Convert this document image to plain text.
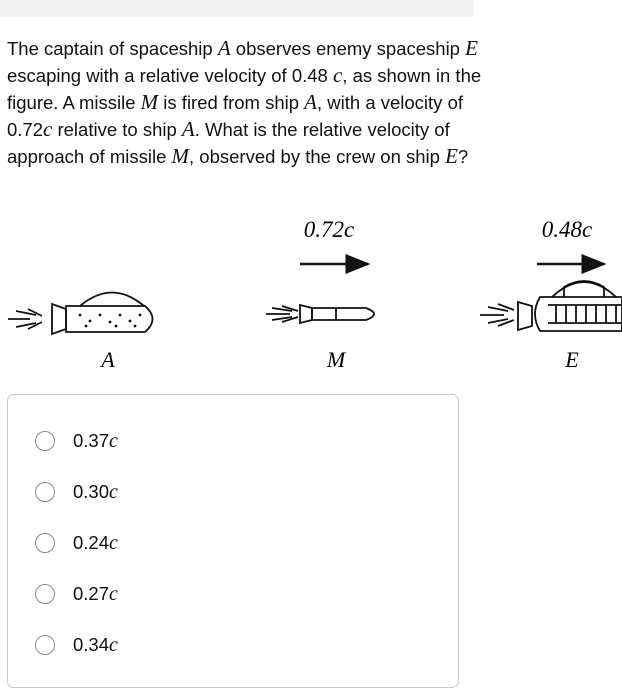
The captain of spaceship A observes enemy spaceship E escaping with a relative velocity of 0.48 c, as shown in the figure. A missile M is fired from ship A, with a velocity of 0.72c relative to ship A. What is the relative velocity of approach of missile M, observed by the crew on ship E?
0.72c	0.48c
A	M	E
0.37c
0.30c
0.24c
0.27c
0.34c
